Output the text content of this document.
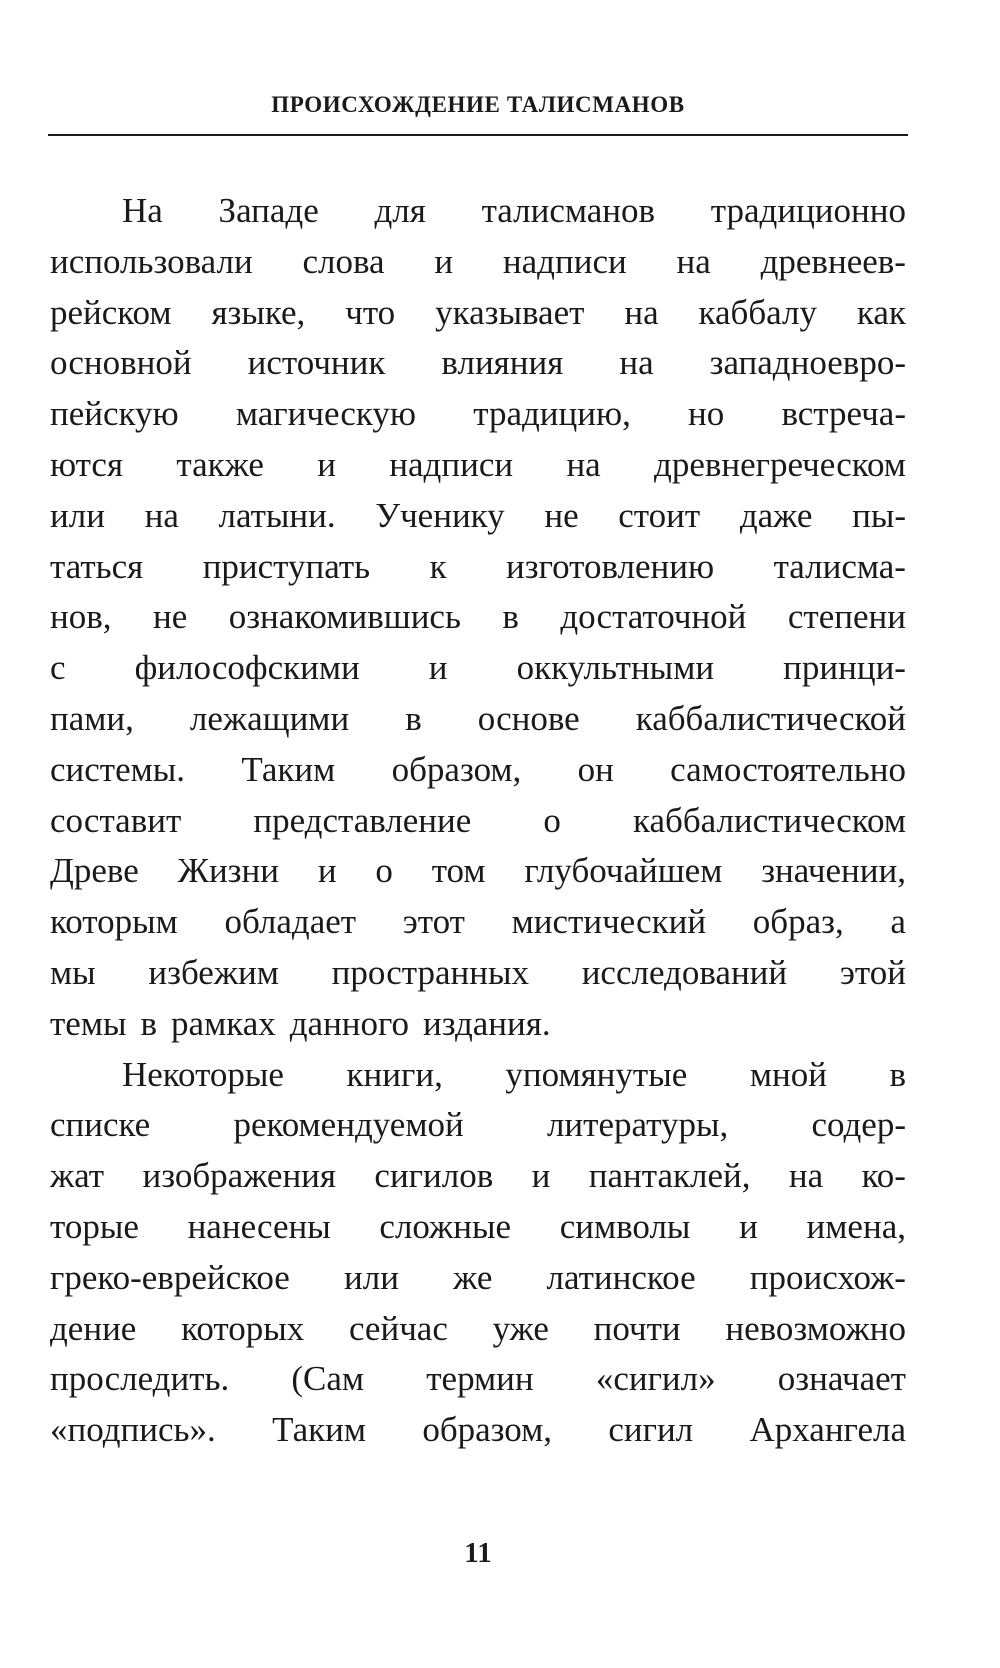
ПРОИСХОЖДЕНИЕ ТАЛИСМАНОВ
На Западе для талисманов традиционно
использовали слова и надписи на древнеев-
рейском языке, что указывает на каббалу как
основной источник влияния на западноевро-
пейскую магическую традицию, но встреча-
ются также и надписи на древнегреческом
или на латыни. Ученику не стоит даже пы-
таться приступать к изготовлению талисма-
нов, не ознакомившись в достаточной степени
с философскими и оккультными принци-
пами, лежащими в основе каббалистической
системы. Таким образом, он самостоятельно
составит представление о каббалистическом
Древе Жизни и о том глубочайшем значении,
которым обладает этот мистический образ, а
мы избежим пространных исследований этой
темы в рамках данного издания.
Некоторые книги, упомянутые мной в
списке рекомендуемой литературы, содер-
жат изображения сигилов и пантаклей, на ко-
торые нанесены сложные символы и имена,
греко-еврейское или же латинское происхож-
дение которых сейчас уже почти невозможно
проследить. (Сам термин «сигил» означает
«подпись». Таким образом, сигил Архангела
11
